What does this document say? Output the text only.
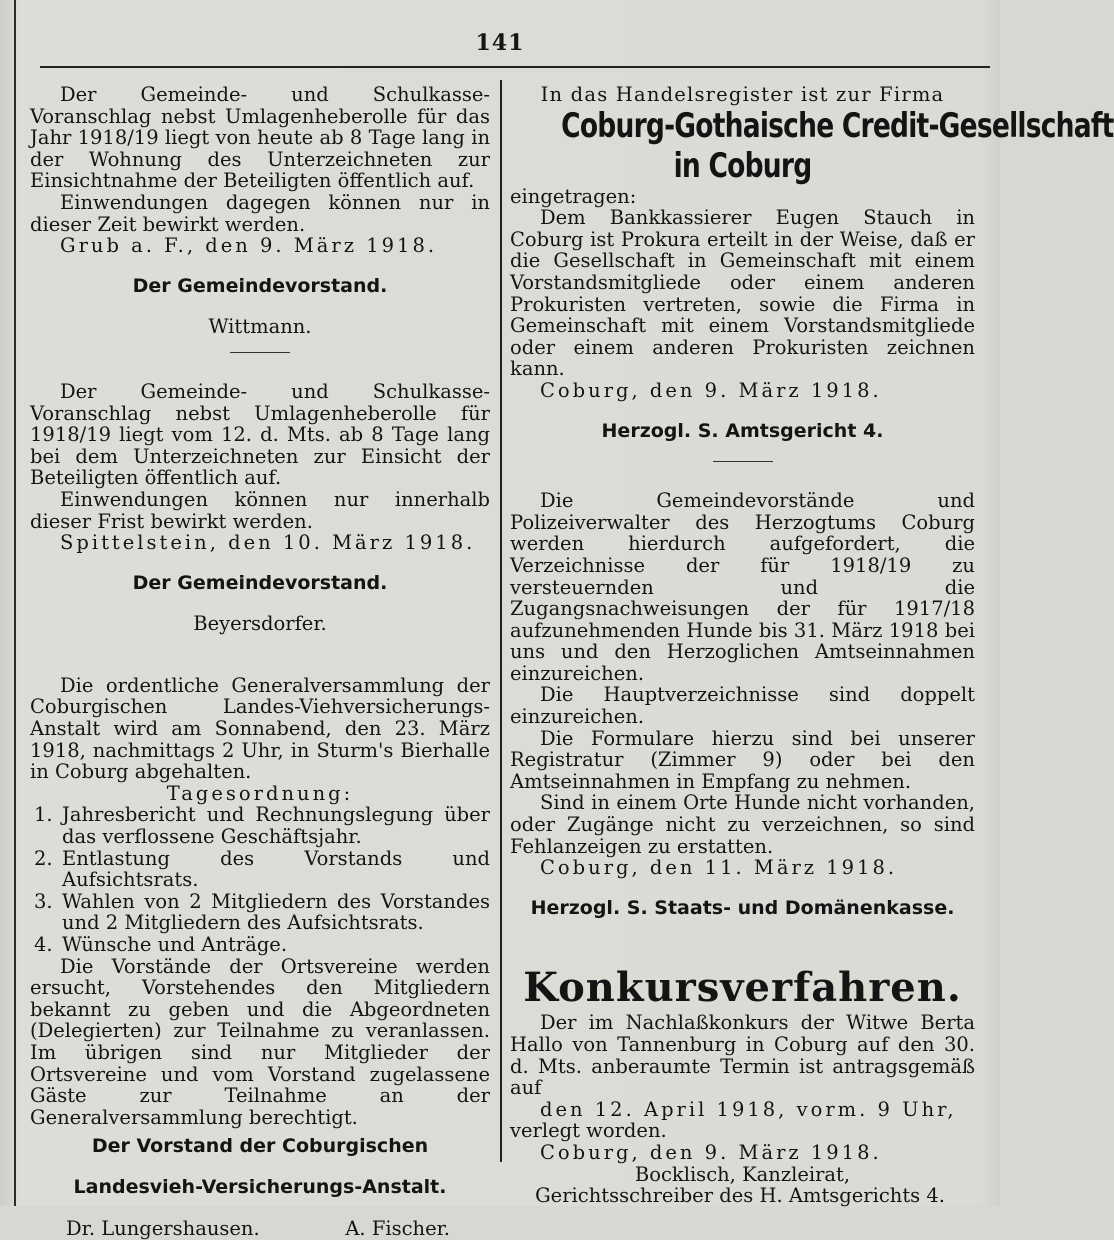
141

Der Gemeinde- und Schulkasse-Voranschlag nebst Umlagenheberolle für das Jahr 1918/19 liegt von heute ab 8 Tage lang in der Wohnung des Unterzeichneten zur Einsichtnahme der Beteiligten öffentlich auf.

Einwendungen dagegen können nur in dieser Zeit bewirkt werden.

Grub a. F., den 9. März 1918.

Der Gemeindevorstand.

Wittmann.

Der Gemeinde- und Schulkasse-Voranschlag nebst Umlagenheberolle für 1918/19 liegt vom 12. d. Mts. ab 8 Tage lang bei dem Unterzeichneten zur Einsicht der Beteiligten öffentlich auf.

Einwendungen können nur innerhalb dieser Frist bewirkt werden.

Spittelstein, den 10. März 1918.

Der Gemeindevorstand.

Beyersdorfer.

Die ordentliche Generalversammlung der Coburgischen Landes-Viehversicherungs-Anstalt wird am Sonnabend, den 23. März 1918, nachmittags 2 Uhr, in Sturm's Bierhalle in Coburg abgehalten.

Tagesordnung:

1. Jahresbericht und Rechnungslegung über das verflossene Geschäftsjahr.
2. Entlastung des Vorstands und Aufsichtsrats.
3. Wahlen von 2 Mitgliedern des Vorstandes und 2 Mitgliedern des Aufsichtsrats.
4. Wünsche und Anträge.

Die Vorstände der Ortsvereine werden ersucht, Vorstehendes den Mitgliedern bekannt zu geben und die Abgeordneten (Delegierten) zur Teilnahme zu veranlassen. Im übrigen sind nur Mitglieder der Ortsvereine und vom Vorstand zugelassene Gäste zur Teilnahme an der Generalversammlung berechtigt.

Der Vorstand der Coburgischen

Landesvieh-Versicherungs-Anstalt.

Dr. Lungershausen.	A. Fischer.

In das Handelsregister ist zur Firma

Coburg-Gothaische Credit-Gesellschaft
in Coburg

eingetragen:

Dem Bankkassierer Eugen Stauch in Coburg ist Prokura erteilt in der Weise, daß er die Gesellschaft in Gemeinschaft mit einem Vorstandsmitgliede oder einem anderen Prokuristen vertreten, sowie die Firma in Gemeinschaft mit einem Vorstandsmitgliede oder einem anderen Prokuristen zeichnen kann.

Coburg, den 9. März 1918.

Herzogl. S. Amtsgericht 4.

Die Gemeindevorstände und Polizeiverwalter des Herzogtums Coburg werden hierdurch aufgefordert, die Verzeichnisse der für 1918/19 zu versteuernden und die Zugangsnachweisungen der für 1917/18 aufzunehmenden Hunde bis 31. März 1918 bei uns und den Herzoglichen Amtseinnahmen einzureichen.

Die Hauptverzeichnisse sind doppelt einzureichen.

Die Formulare hierzu sind bei unserer Registratur (Zimmer 9) oder bei den Amtseinnahmen in Empfang zu nehmen.

Sind in einem Orte Hunde nicht vorhanden, oder Zugänge nicht zu verzeichnen, so sind Fehlanzeigen zu erstatten.

Coburg, den 11. März 1918.

Herzogl. S. Staats- und Domänenkasse.

Konkursverfahren.

Der im Nachlaßkonkurs der Witwe Berta Hallo von Tannenburg in Coburg auf den 30. d. Mts. anberaumte Termin ist antragsgemäß auf

den 12. April 1918, vorm. 9 Uhr,

verlegt worden.

Coburg, den 9. März 1918.

Bocklisch, Kanzleirat,

Gerichtsschreiber des H. Amtsgerichts 4.
